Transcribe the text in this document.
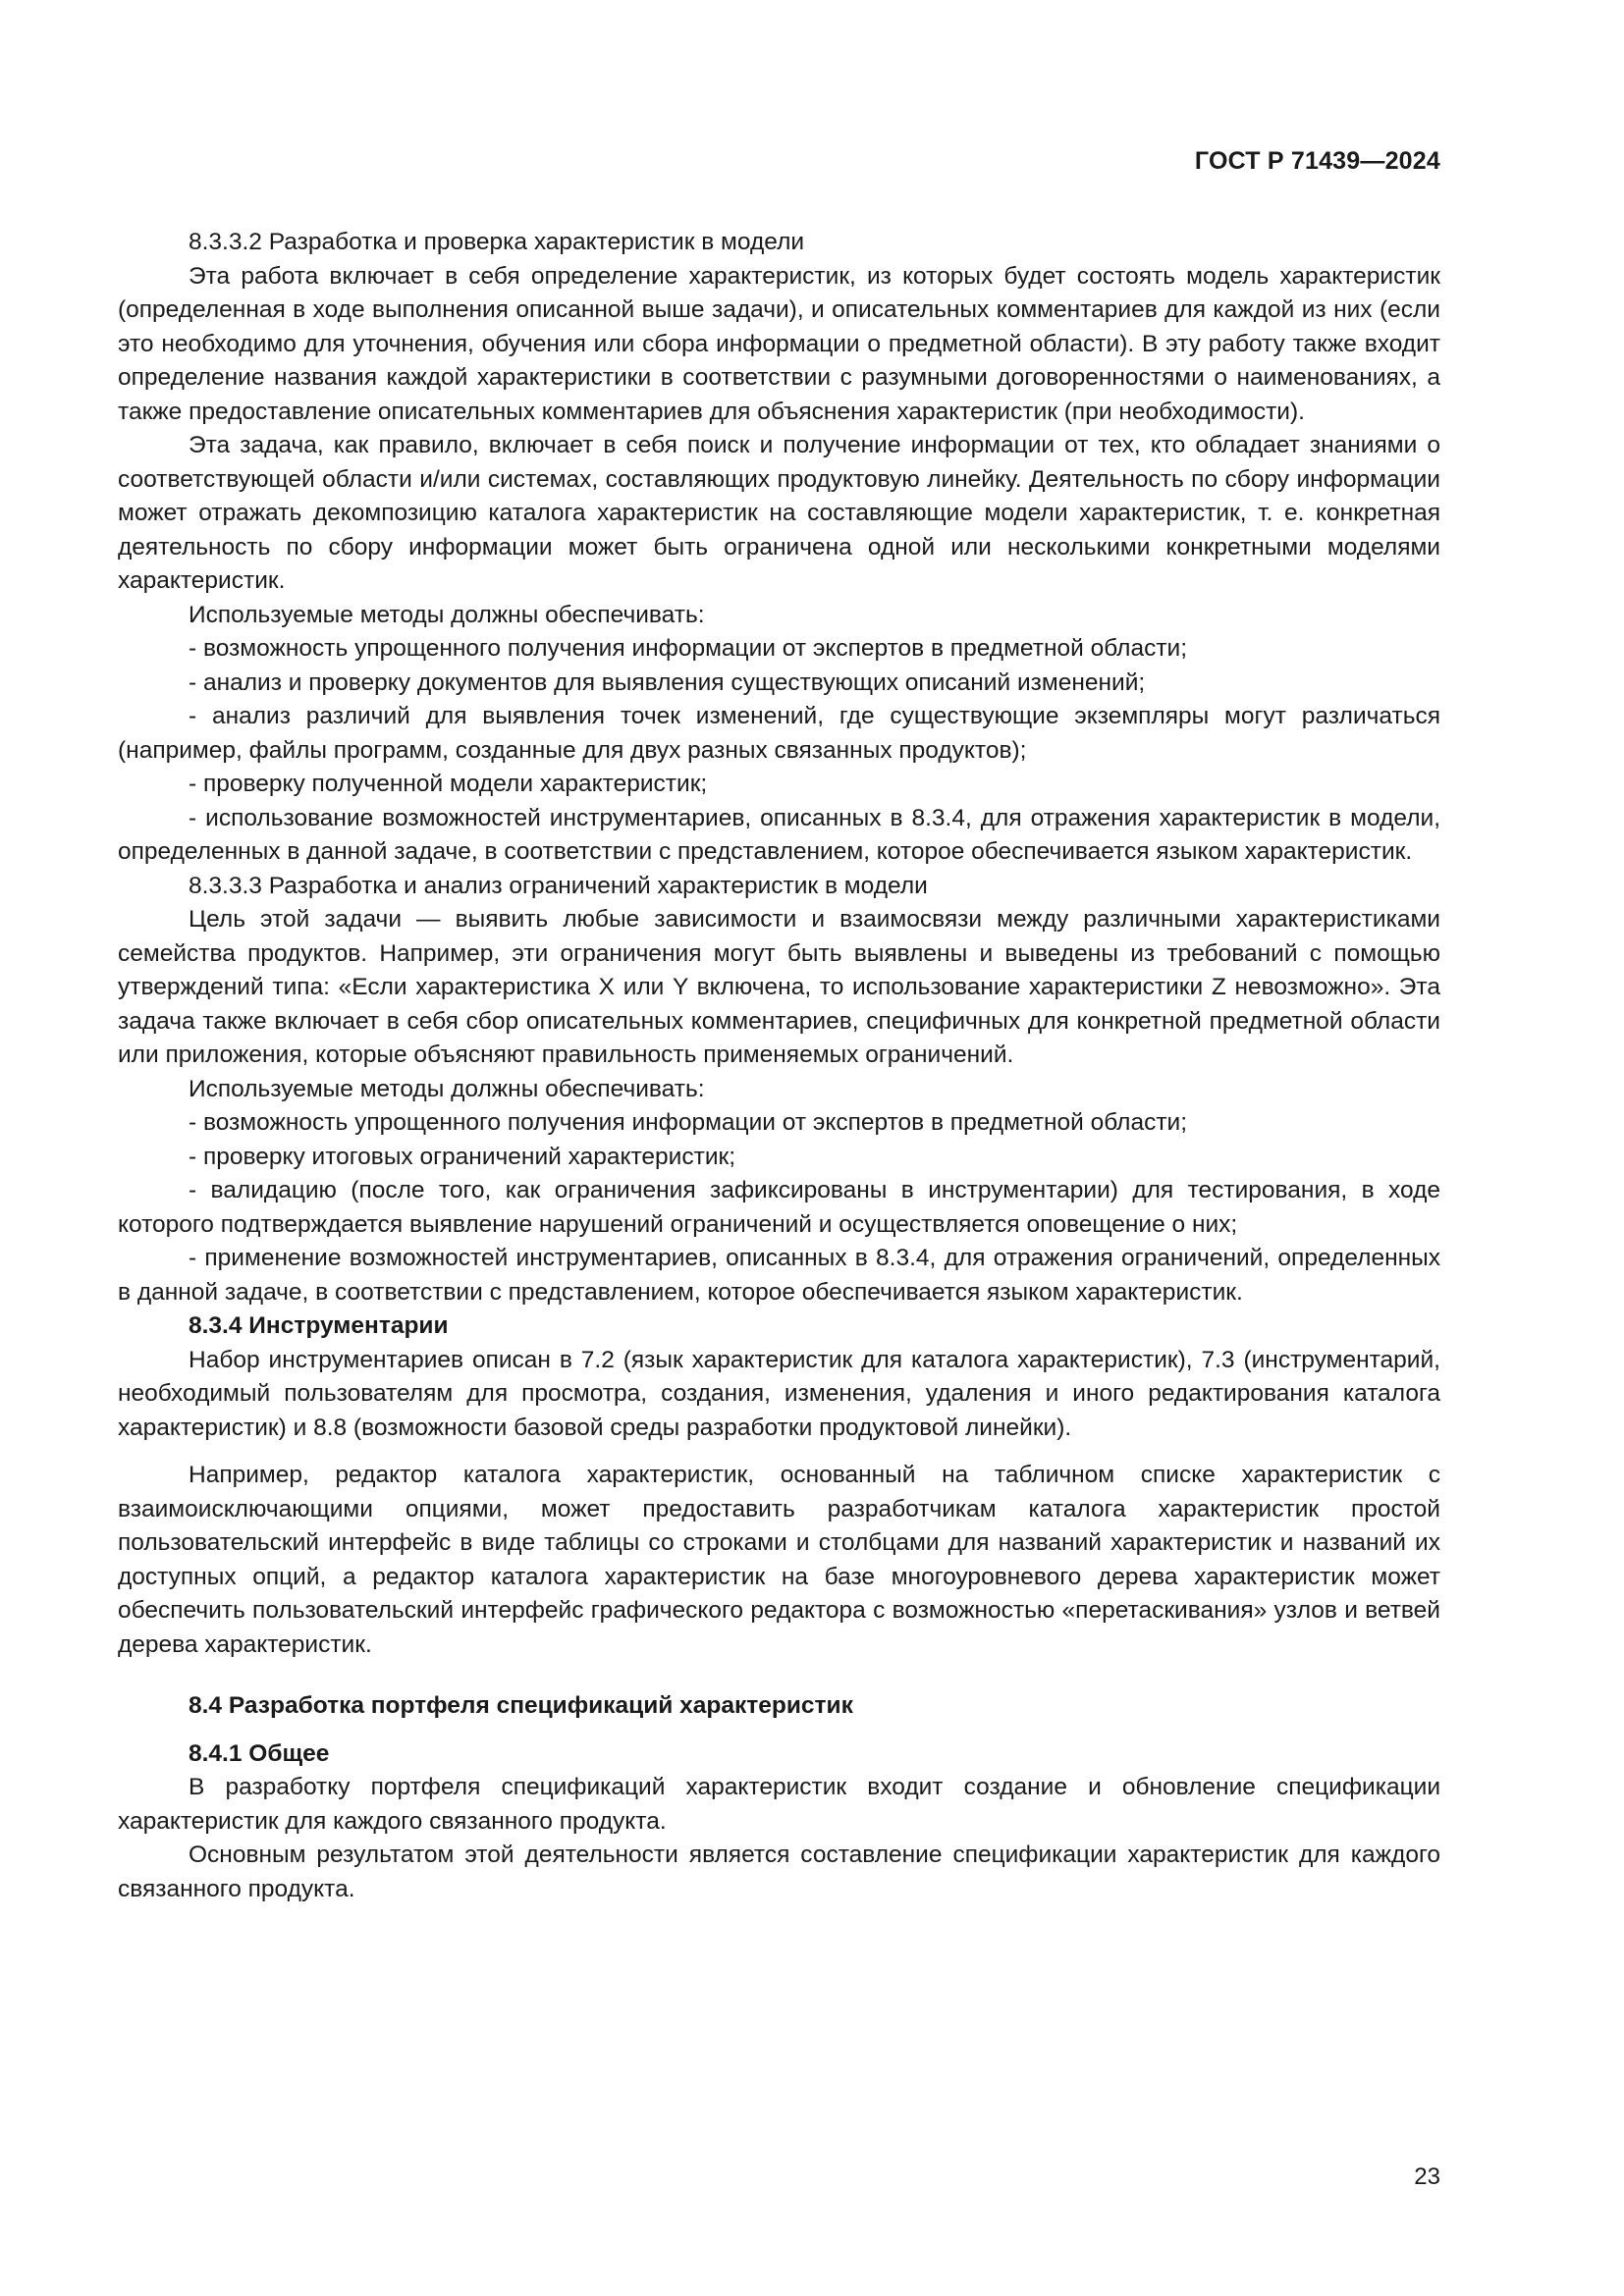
ГОСТ Р 71439—2024

8.3.3.2 Разработка и проверка характеристик в модели

Эта работа включает в себя определение характеристик, из которых будет состоять модель характеристик (определенная в ходе выполнения описанной выше задачи), и описательных комментариев для каждой из них (если это необходимо для уточнения, обучения или сбора информации о предметной области). В эту работу также входит определение названия каждой характеристики в соответствии с разумными договоренностями о наименованиях, а также предоставление описательных комментариев для объяснения характеристик (при необходимости).

Эта задача, как правило, включает в себя поиск и получение информации от тех, кто обладает знаниями о соответствующей области и/или системах, составляющих продуктовую линейку. Деятельность по сбору информации может отражать декомпозицию каталога характеристик на составляющие модели характеристик, т. е. конкретная деятельность по сбору информации может быть ограничена одной или несколькими конкретными моделями характеристик.

Используемые методы должны обеспечивать:

- возможность упрощенного получения информации от экспертов в предметной области;

- анализ и проверку документов для выявления существующих описаний изменений;

- анализ различий для выявления точек изменений, где существующие экземпляры могут различаться (например, файлы программ, созданные для двух разных связанных продуктов);

- проверку полученной модели характеристик;

- использование возможностей инструментариев, описанных в 8.3.4, для отражения характеристик в модели, определенных в данной задаче, в соответствии с представлением, которое обеспечивается языком характеристик.

8.3.3.3 Разработка и анализ ограничений характеристик в модели

Цель этой задачи — выявить любые зависимости и взаимосвязи между различными характеристиками семейства продуктов. Например, эти ограничения могут быть выявлены и выведены из требований с помощью утверждений типа: «Если характеристика X или Y включена, то использование характеристики Z невозможно». Эта задача также включает в себя сбор описательных комментариев, специфичных для конкретной предметной области или приложения, которые объясняют правильность применяемых ограничений.

Используемые методы должны обеспечивать:

- возможность упрощенного получения информации от экспертов в предметной области;

- проверку итоговых ограничений характеристик;

- валидацию (после того, как ограничения зафиксированы в инструментарии) для тестирования, в ходе которого подтверждается выявление нарушений ограничений и осуществляется оповещение о них;

- применение возможностей инструментариев, описанных в 8.3.4, для отражения ограничений, определенных в данной задаче, в соответствии с представлением, которое обеспечивается языком характеристик.

8.3.4 Инструментарии

Набор инструментариев описан в 7.2 (язык характеристик для каталога характеристик), 7.3 (инструментарий, необходимый пользователям для просмотра, создания, изменения, удаления и иного редактирования каталога характеристик) и 8.8 (возможности базовой среды разработки продуктовой линейки).

Например, редактор каталога характеристик, основанный на табличном списке характеристик с взаимоисключающими опциями, может предоставить разработчикам каталога характеристик простой пользовательский интерфейс в виде таблицы со строками и столбцами для названий характеристик и названий их доступных опций, а редактор каталога характеристик на базе многоуровневого дерева характеристик может обеспечить пользовательский интерфейс графического редактора с возможностью «перетаскивания» узлов и ветвей дерева характеристик.

8.4 Разработка портфеля спецификаций характеристик

8.4.1 Общее

В разработку портфеля спецификаций характеристик входит создание и обновление спецификации характеристик для каждого связанного продукта.

Основным результатом этой деятельности является составление спецификации характеристик для каждого связанного продукта.

23
